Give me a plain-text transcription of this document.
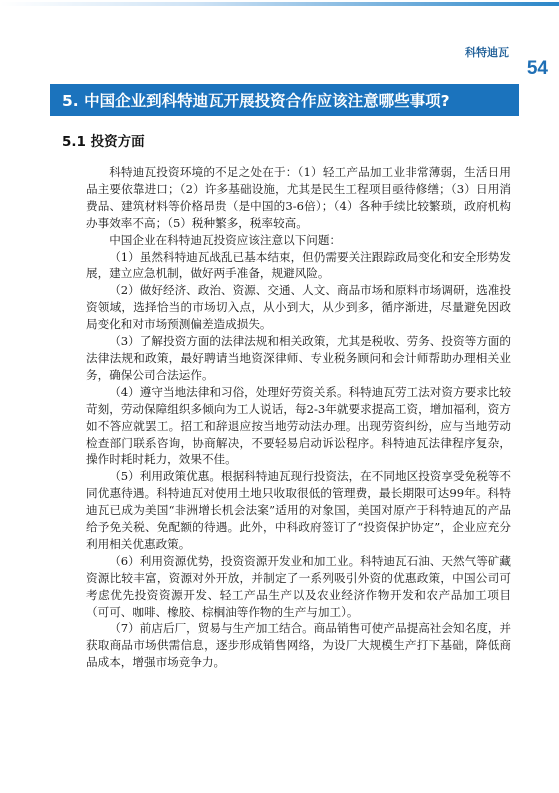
科特迪瓦
54
5. 中国企业到科特迪瓦开展投资合作应该注意哪些事项?
5.1 投资方面

科特迪瓦投资环境的不足之处在于：（1）轻工产品加工业非常薄弱，生活日用品主要依靠进口；（2）许多基础设施，尤其是民生工程项目亟待修缮；（3）日用消费品、建筑材料等价格昂贵（是中国的3-6倍）；（4）各种手续比较繁琐，政府机构办事效率不高；（5）税种繁多，税率较高。

中国企业在科特迪瓦投资应该注意以下问题：

（1）虽然科特迪瓦战乱已基本结束，但仍需要关注跟踪政局变化和安全形势发展，建立应急机制，做好两手准备，规避风险。

（2）做好经济、政治、资源、交通、人文、商品市场和原料市场调研，选准投资领域，选择恰当的市场切入点，从小到大，从少到多，循序渐进，尽量避免因政局变化和对市场预测偏差造成损失。

（3）了解投资方面的法律法规和相关政策，尤其是税收、劳务、投资等方面的法律法规和政策，最好聘请当地资深律师、专业税务顾问和会计师帮助办理相关业务，确保公司合法运作。

（4）遵守当地法律和习俗，处理好劳资关系。科特迪瓦劳工法对资方要求比较苛刻，劳动保障组织多倾向为工人说话，每2-3年就要求提高工资，增加福利，资方如不答应就罢工。招工和辞退应按当地劳动法办理。出现劳资纠纷，应与当地劳动检查部门联系咨询，协商解决，不要轻易启动诉讼程序。科特迪瓦法律程序复杂，操作时耗时耗力，效果不佳。

（5）利用政策优惠。根据科特迪瓦现行投资法，在不同地区投资享受免税等不同优惠待遇。科特迪瓦对使用土地只收取很低的管理费，最长期限可达99年。科特迪瓦已成为美国“非洲增长机会法案”适用的对象国，美国对原产于科特迪瓦的产品给予免关税、免配额的待遇。此外，中科政府签订了“投资保护协定”，企业应充分利用相关优惠政策。

（6）利用资源优势，投资资源开发业和加工业。科特迪瓦石油、天然气等矿藏资源比较丰富，资源对外开放，并制定了一系列吸引外资的优惠政策，中国公司可考虑优先投资资源开发、轻工产品生产以及农业经济作物开发和农产品加工项目（可可、咖啡、橡胶、棕榈油等作物的生产与加工）。

（7）前店后厂，贸易与生产加工结合。商品销售可使产品提高社会知名度，并获取商品市场供需信息，逐步形成销售网络，为设厂大规模生产打下基础，降低商品成本，增强市场竞争力。
